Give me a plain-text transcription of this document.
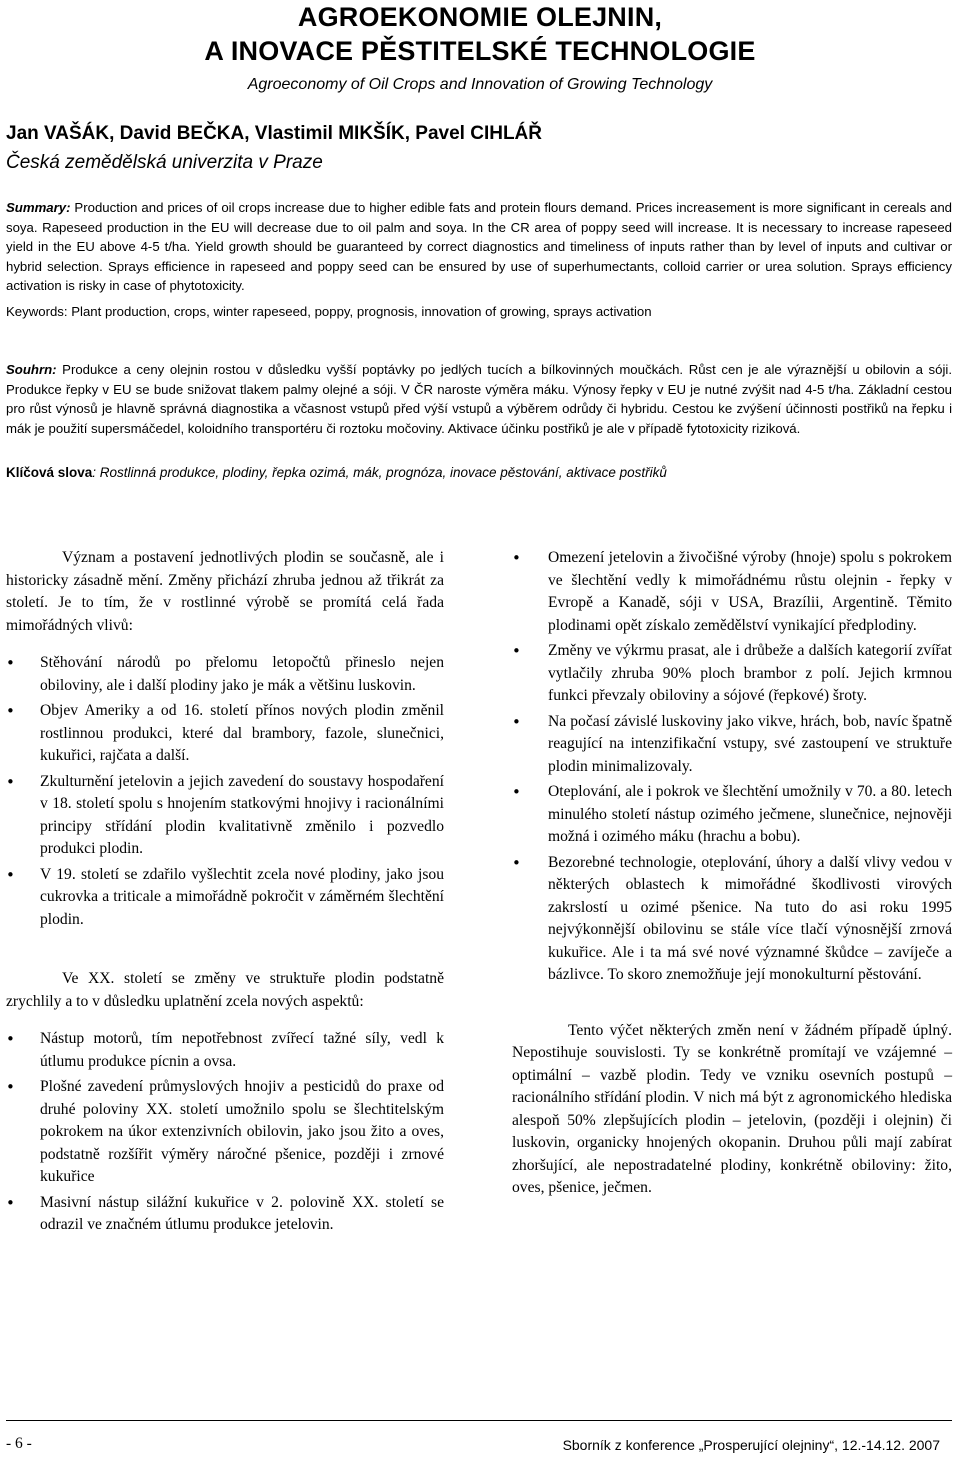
AGROEKONOMIE OLEJNIN,
A INOVACE PĚSTITELSKÉ TECHNOLOGIE
Agroeconomy of Oil Crops and Innovation of Growing Technology
Jan VAŠÁK, David BEČKA, Vlastimil MIKŠÍK, Pavel CIHLÁŘ
Česká zemědělská univerzita v Praze
Summary: Production and prices of oil crops increase due to higher edible fats and protein flours demand. Prices increasement is more significant in cereals and soya. Rapeseed production in the EU will decrease due to oil palm and soya. In the CR area of poppy seed will increase. It is necessary to increase rapeseed yield in the EU above 4-5 t/ha. Yield growth should be guaranteed by correct diagnostics and timeliness of inputs rather than by level of inputs and cultivar or hybrid selection. Sprays efficience in rapeseed and poppy seed can be ensured by use of superhumectants, colloid carrier or urea solution. Sprays efficiency activation is risky in case of phytotoxicity.
Keywords: Plant production, crops, winter rapeseed, poppy, prognosis, innovation of growing, sprays activation
Souhrn: Produkce a ceny olejnin rostou v důsledku vyšší poptávky po jedlých tucích a bílkovinných moučkách. Růst cen je ale výraznější u obilovin a sóji. Produkce řepky v EU se bude snižovat tlakem palmy olejné a sóji. V ČR naroste výměra máku. Výnosy řepky v EU je nutné zvýšit nad 4-5 t/ha. Základní cestou pro růst výnosů je hlavně správná diagnostika a včasnost vstupů před výší vstupů a výběrem odrůdy či hybridu. Cestou ke zvýšení účinnosti postřiků na řepku i mák je použití supersmáčedel, koloidního transportéru či roztoku močoviny. Aktivace účinku postřiků je ale v případě fytotoxicity riziková.
Klíčová slova: Rostlinná produkce, plodiny, řepka ozimá, mák, prognóza, inovace pěstování, aktivace postřiků

Význam a postavení jednotlivých plodin se současně, ale i historicky zásadně mění. Změny přichází zhruba jednou až třikrát za století. Je to tím, že v rostlinné výrobě se promítá celá řada mimořádných vlivů:

• Stěhování národů po přelomu letopočtů přineslo nejen obiloviny, ale i další plodiny jako je mák a většinu luskovin.
• Objev Ameriky a od 16. století přínos nových plodin změnil rostlinnou produkci, které dal brambory, fazole, slunečnici, kukuřici, rajčata a další.
• Zkulturnění jetelovin a jejich zavedení do soustavy hospodaření v 18. století spolu s hnojením statkovými hnojivy i racionálními principy střídání plodin kvalitativně změnilo i pozvedlo produkci plodin.
• V 19. století se zdařilo vyšlechtit zcela nové plodiny, jako jsou cukrovka a triticale a mimořádně pokročit v záměrném šlechtění plodin.

Ve XX. století se změny ve struktuře plodin podstatně zrychlily a to v důsledku uplatnění zcela nových aspektů:

• Nástup motorů, tím nepotřebnost zvířecí tažné síly, vedl k útlumu produkce pícnin a ovsa.
• Plošné zavedení průmyslových hnojiv a pesticidů do praxe od druhé poloviny XX. století umožnilo spolu se šlechtitelským pokrokem na úkor extenzivních obilovin, jako jsou žito a oves, podstatně rozšířit výměry náročné pšenice, později i zrnové kukuřice
• Masivní nástup silážní kukuřice v 2. polovině XX. století se odrazil ve značném útlumu produkce jetelovin.
• Omezení jetelovin a živočišné výroby (hnoje) spolu s pokrokem ve šlechtění vedly k mimořádnému růstu olejnin - řepky v Evropě a Kanadě, sóji v USA, Brazílii, Argentině. Těmito plodinami opět získalo zemědělství vynikající předplodiny.
• Změny ve výkrmu prasat, ale i drůbeže a dalších kategorií zvířat vytlačily zhruba 90% ploch brambor z polí. Jejich krmnou funkci převzaly obiloviny a sójové (řepkové) šroty.
• Na počasí závislé luskoviny jako vikve, hrách, bob, navíc špatně reagující na intenzifikační vstupy, své zastoupení ve struktuře plodin minimalizovaly.
• Oteplování, ale i pokrok ve šlechtění umožnily v 70. a 80. letech minulého století nástup ozimého ječmene, slunečnice, nejnověji možná i ozimého máku (hrachu a bobu).
• Bezorebné technologie, oteplování, úhory a další vlivy vedou v některých oblastech k mimořádné škodlivosti virových zakrslostí u ozimé pšenice. Na tuto do asi roku 1995 nejvýkonnější obilovinu se stále více tlačí výnosnější zrnová kukuřice. Ale i ta má své nové významné škůdce – zavíječe a bázlivce. To skoro znemožňuje její monokulturní pěstování.

Tento výčet některých změn není v žádném případě úplný. Nepostihuje souvislosti. Ty se konkrétně promítají ve vzájemné – optimální – vazbě plodin. Tedy ve vzniku osevních postupů – racionálního střídání plodin. V nich má být z agronomického hlediska alespoň 50% zlepšujících plodin – jetelovin, (později i olejnin) či luskovin, organicky hnojených okopanin. Druhou půli mají zabírat zhoršující, ale nepostradatelné plodiny, konkrétně obiloviny: žito, oves, pšenice, ječmen.

- 6 -	Sborník z konference „Prosperující olejniny“, 12.-14.12. 2007
